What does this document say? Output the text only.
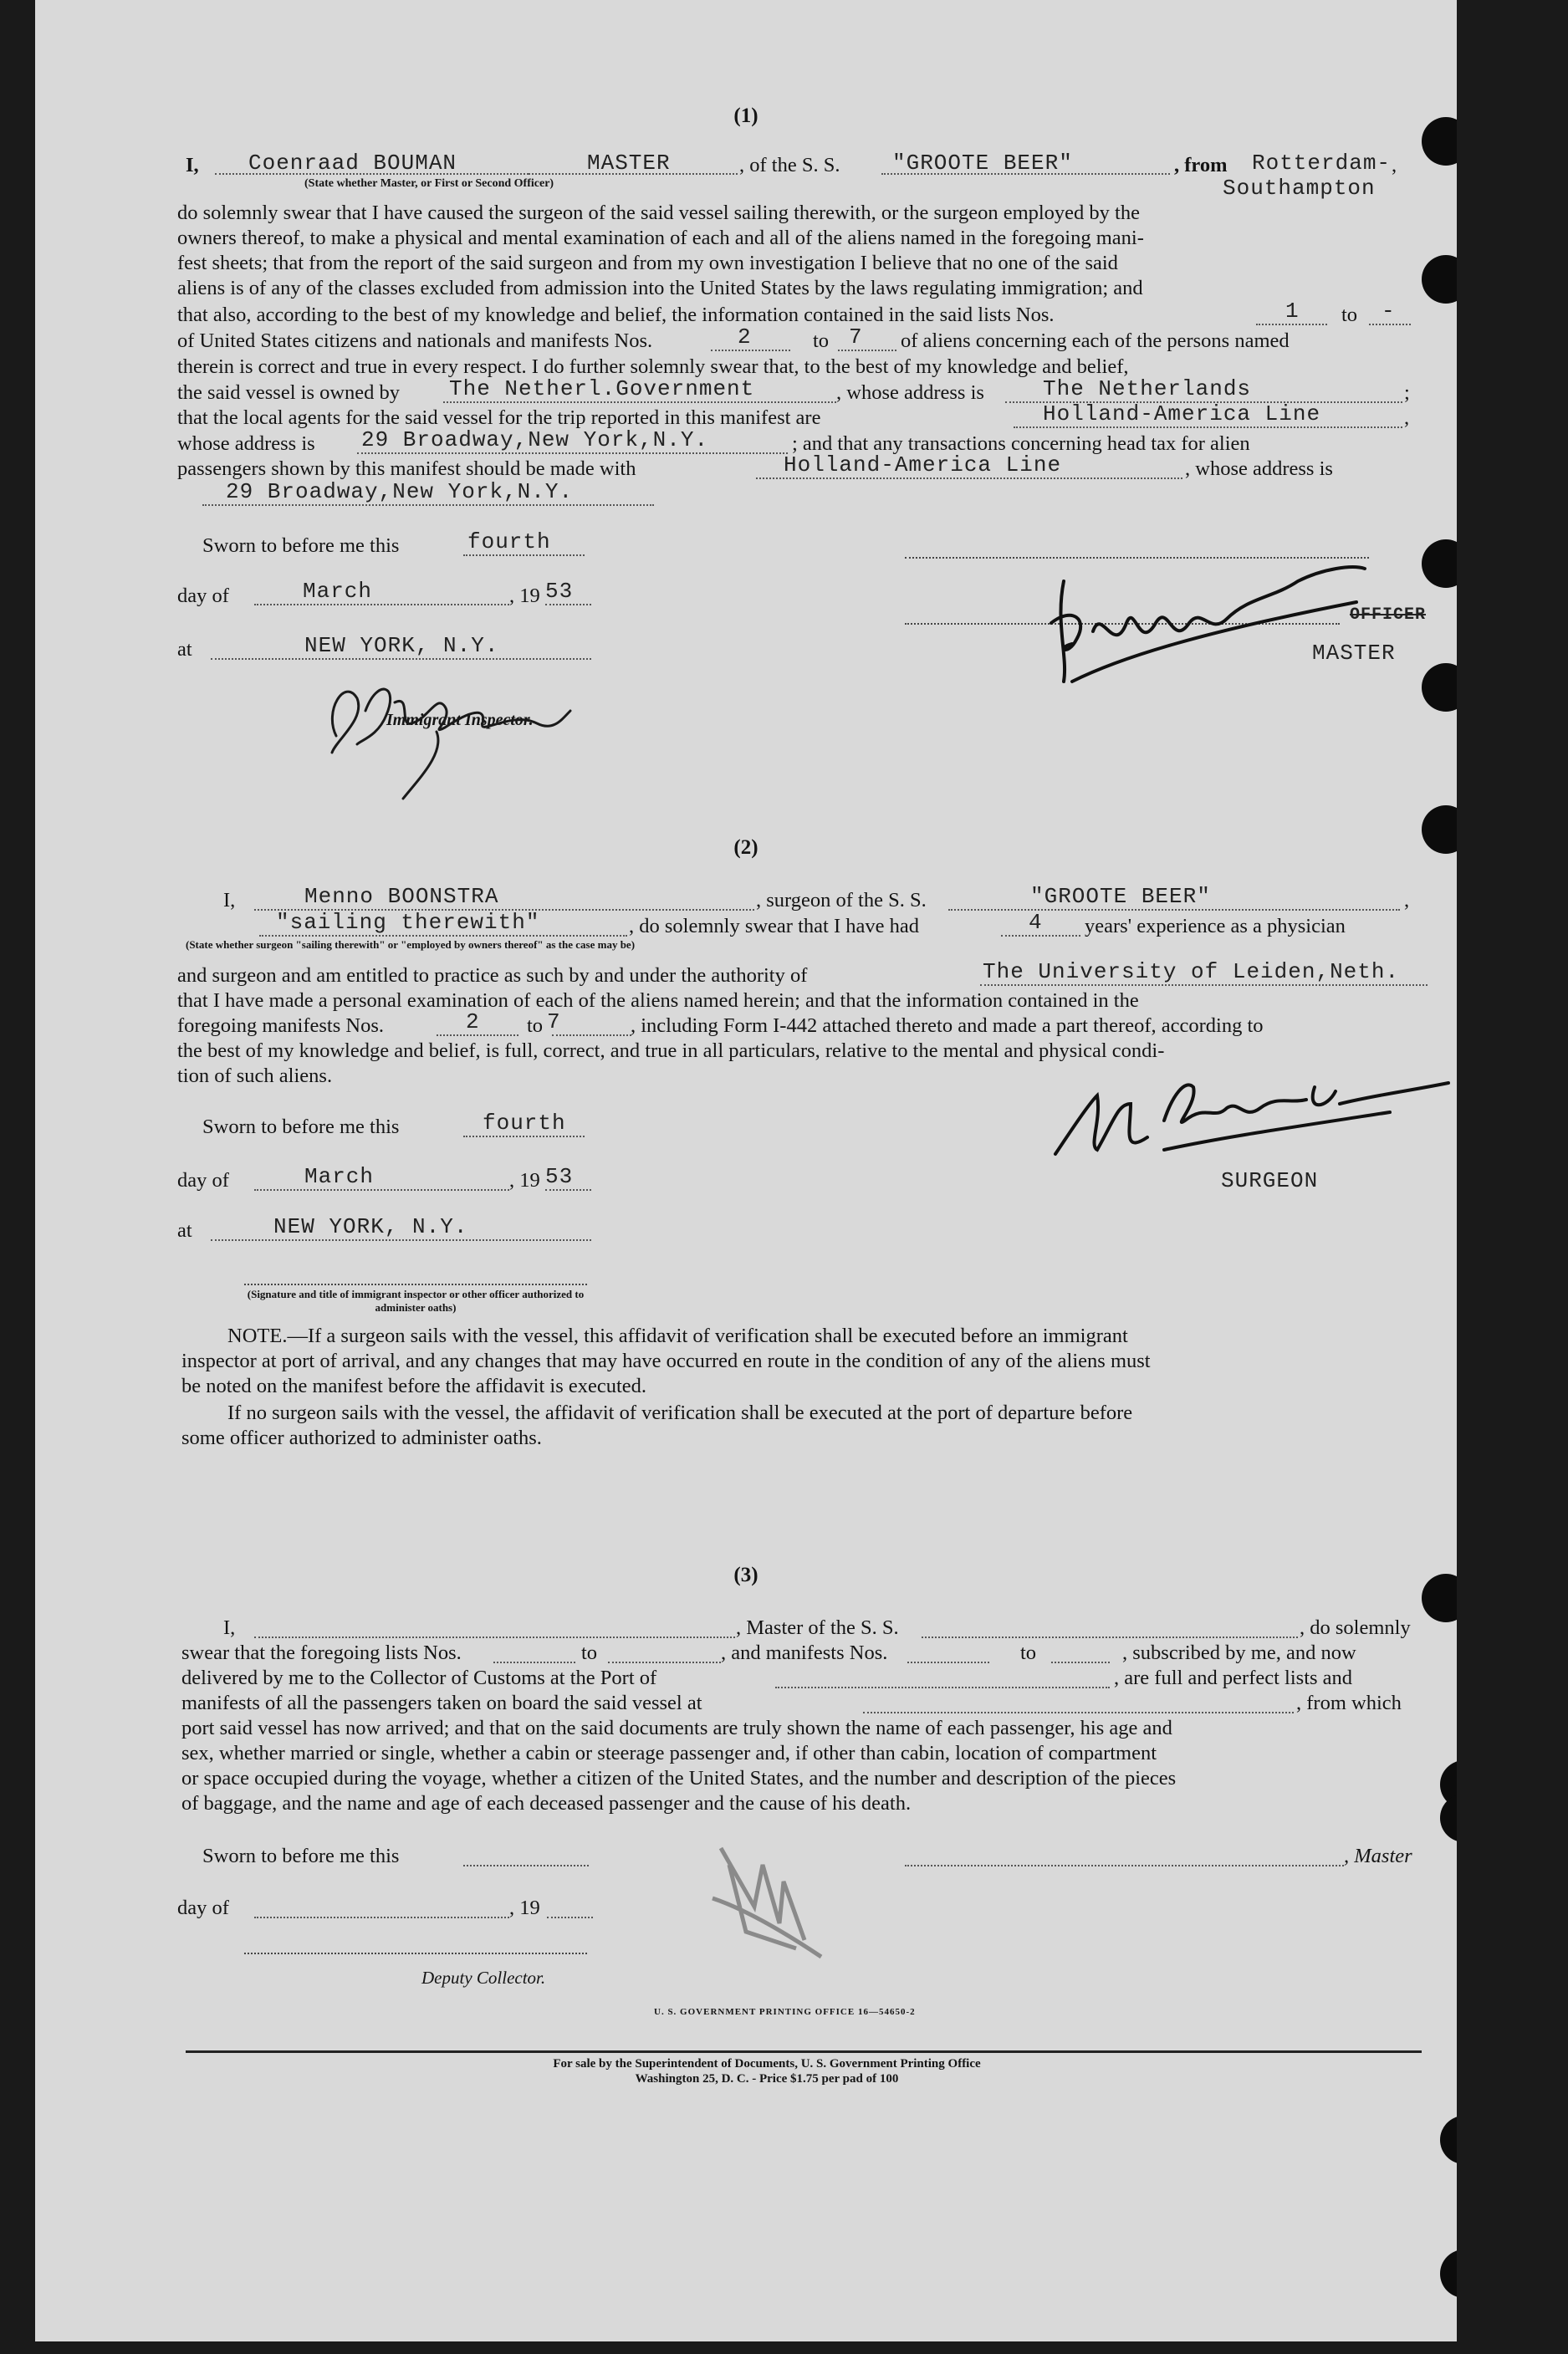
(1)
I, Coenraad BOUMAN	MASTER	, of the S. S. "GROOTE BEER"	, from Rotterdam- ,
(State whether Master, or First or Second Officer)	Southampton
do solemnly swear that I have caused the surgeon of the said vessel sailing therewith, or the surgeon employed by the
owners thereof, to make a physical and mental examination of each and all of the aliens named in the foregoing mani-
fest sheets; that from the report of the said surgeon and from my own investigation I believe that no one of the said
aliens is of any of the classes excluded from admission into the United States by the laws regulating immigration; and
that also, according to the best of my knowledge and belief, the information contained in the said lists Nos.	1 to -
of United States citizens and nationals and manifests Nos.	2	to 7 of aliens concerning each of the persons named
therein is correct and true in every respect. I do further solemnly swear that, to the best of my knowledge and belief,
the said vessel is owned by The Netherl.Government	, whose address is	The Netherlands	;
that the local agents for the said vessel for the trip reported in this manifest are	Holland-America Line	,
whose address is 29 Broadway,New York,N.Y.	; and that any transactions concerning head tax for alien
passengers shown by this manifest should be made with	Holland-America Line	, whose address is
29 Broadway,New York,N.Y.
Sworn to before me this	fourth
day of	March	, 19 53
at	NEW YORK, N.Y.
Immigrant Inspector.
OFFICER
MASTER
(2)
I,	Menno BOONSTRA	, surgeon of the S. S.	"GROOTE BEER"	,
"sailing therewith"	, do solemnly swear that I have had	4 years' experience as a physician
(State whether surgeon "sailing therewith" or "employed by owners thereof" as the case may be)
and surgeon and am entitled to practice as such by and under the authority of	The University of Leiden,Neth.
that I have made a personal examination of each of the aliens named herein; and that the information contained in the
foregoing manifests Nos.	2 to 7	, including Form I-442 attached thereto and made a part thereof, according to
the best of my knowledge and belief, is full, correct, and true in all particulars, relative to the mental and physical condi-
tion of such aliens.
Sworn to before me this	fourth
day of	March	, 19 53
at	NEW YORK, N.Y.
(Signature and title of immigrant inspector or other officer authorized to administer oaths)
SURGEON
NOTE.—If a surgeon sails with the vessel, this affidavit of verification shall be executed before an immigrant
inspector at port of arrival, and any changes that may have occurred en route in the condition of any of the aliens must
be noted on the manifest before the affidavit is executed.
If no surgeon sails with the vessel, the affidavit of verification shall be executed at the port of departure before
some officer authorized to administer oaths.
(3)
I,	, Master of the S. S.	, do solemnly
swear that the foregoing lists Nos.	to	, and manifests Nos.	to	, subscribed by me, and now
delivered by me to the Collector of Customs at the Port of	, are full and perfect lists and
manifests of all the passengers taken on board the said vessel at	, from which
port said vessel has now arrived; and that on the said documents are truly shown the name of each passenger, his age and
sex, whether married or single, whether a cabin or steerage passenger and, if other than cabin, location of compartment
or space occupied during the voyage, whether a citizen of the United States, and the number and description of the pieces
of baggage, and the name and age of each deceased passenger and the cause of his death.
Sworn to before me this	, Master
day of	, 19
Deputy Collector.
U. S. GOVERNMENT PRINTING OFFICE 16—54650-2
For sale by the Superintendent of Documents, U. S. Government Printing Office
Washington 25, D. C. - Price $1.75 per pad of 100
